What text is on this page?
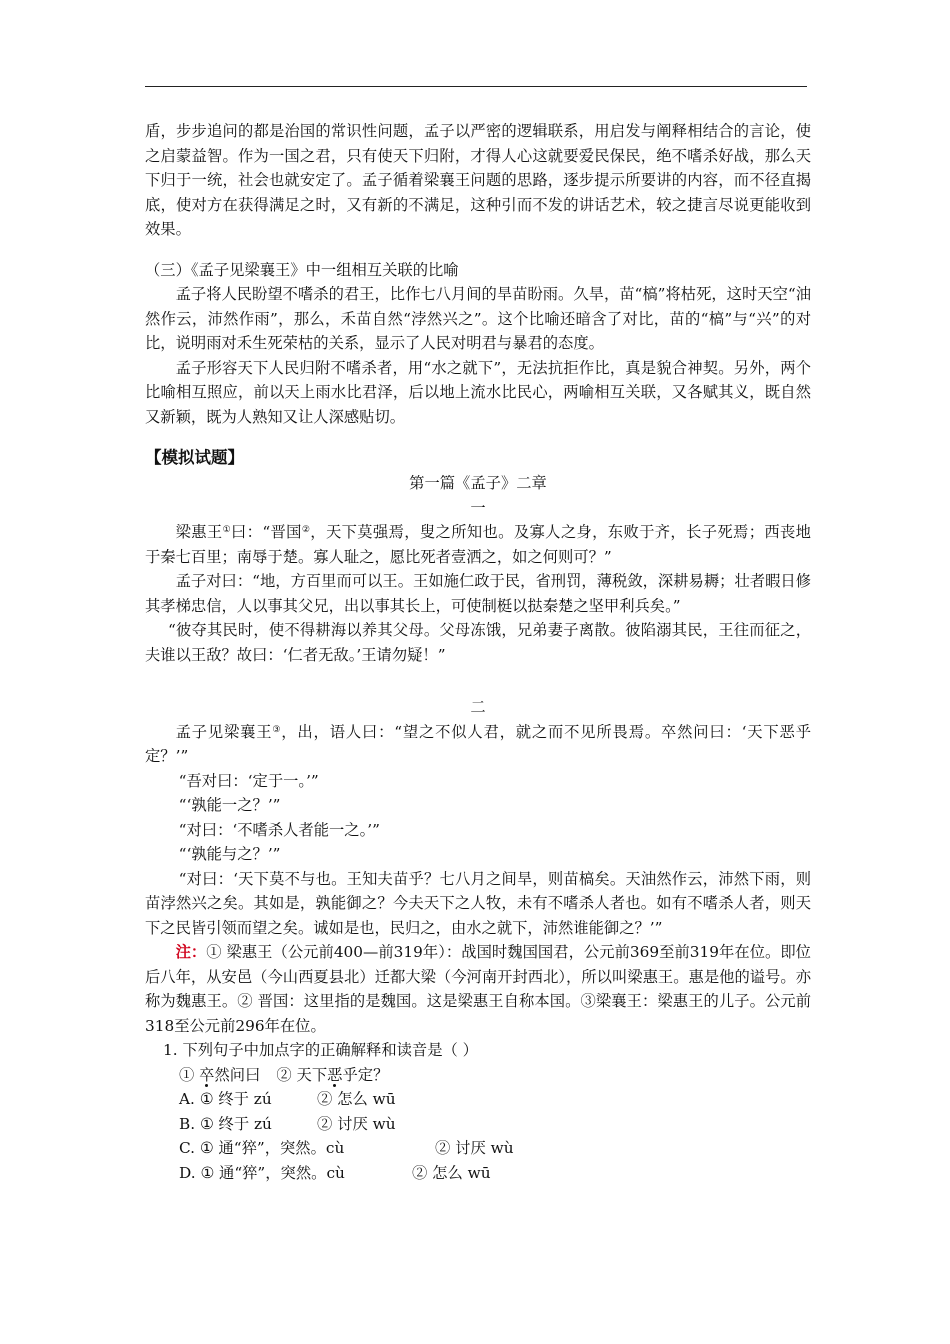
盾，步步追问的都是治国的常识性问题，孟子以严密的逻辑联系，用启发与阐释相结合的言论，使之启蒙益智。作为一国之君，只有使天下归附，才得人心这就要爱民保民，绝不嗜杀好战，那么天下归于一统，社会也就安定了。孟子循着梁襄王问题的思路，逐步提示所要讲的内容，而不径直揭底，使对方在获得满足之时，又有新的不满足，这种引而不发的讲话艺术，较之捷言尽说更能收到效果。

（三）《孟子见梁襄王》中一组相互关联的比喻

孟子将人民盼望不嗜杀的君王，比作七八月间的旱苗盼雨。久旱，苗“槁”将枯死，这时天空“油然作云，沛然作雨”，那么，禾苗自然“浡然兴之”。这个比喻还暗含了对比，苗的“槁”与“兴”的对比，说明雨对禾生死荣枯的关系，显示了人民对明君与暴君的态度。

孟子形容天下人民归附不嗜杀者，用“水之就下”，无法抗拒作比，真是貌合神契。另外，两个比喻相互照应，前以天上雨水比君泽，后以地上流水比民心，两喻相互关联，又各赋其义，既自然又新颖，既为人熟知又让人深感贴切。

【模拟试题】

第一篇《孟子》二章

一

梁惠王①曰：“晋国②，天下莫强焉，叟之所知也。及寡人之身，东败于齐，长子死焉；西丧地于秦七百里；南辱于楚。寡人耻之，愿比死者壹洒之，如之何则可？”

孟子对曰：“地，方百里而可以王。王如施仁政于民，省刑罚，薄税敛，深耕易耨；壮者暇日修其孝梯忠信，人以事其父兄，出以事其长上，可使制梃以挞秦楚之坚甲利兵矣。”

“彼夺其民时，使不得耕海以养其父母。父母冻饿，兄弟妻子离散。彼陷溺其民，王往而征之，夫谁以王敌？故曰：‘仁者无敌。’王请勿疑！”

二

孟子见梁襄王③，出，语人曰：“望之不似人君，就之而不见所畏焉。卒然问曰：‘天下恶乎定？’”

“吾对曰：‘定于一。’”

“‘孰能一之？’”

“对曰：‘不嗜杀人者能一之。’”

“‘孰能与之？’”

“对曰：‘天下莫不与也。王知夫苗乎？七八月之间旱，则苗槁矣。天油然作云，沛然下雨，则苗浡然兴之矣。其如是，孰能御之？今夫天下之人牧，未有不嗜杀人者也。如有不嗜杀人者，则天下之民皆引领而望之矣。诚如是也，民归之，由水之就下，沛然谁能御之？’”

注：① 梁惠王（公元前400—前319年）：战国时魏国国君，公元前369至前319年在位。即位后八年，从安邑（今山西夏县北）迁都大梁（今河南开封西北），所以叫梁惠王。惠是他的谥号。亦称为魏惠王。② 晋国：这里指的是魏国。这是梁惠王自称本国。③梁襄王：梁惠王的儿子。公元前318至公元前296年在位。

1. 下列句子中加点字的正确解释和读音是（ ）

① 卒然问曰 ② 天下恶乎定？

A. ① 终于 zú	② 怎么 wū

B. ① 终于 zú	② 讨厌 wù

C. ① 通“猝”，突然。cù	② 讨厌 wù

D. ① 通“猝”，突然。cù	② 怎么 wū
